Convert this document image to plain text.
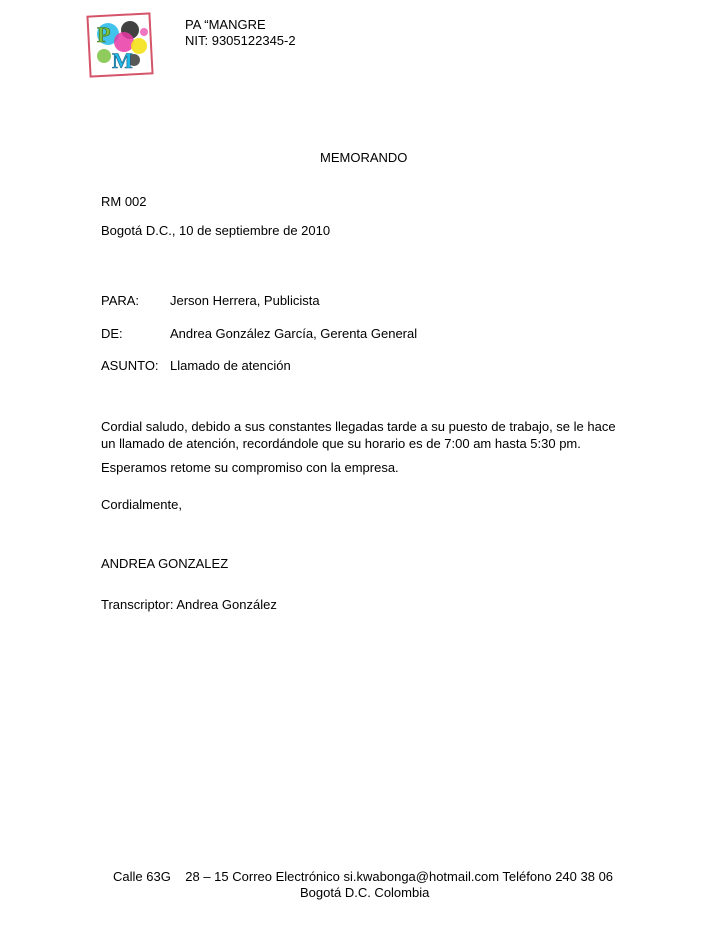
P
M
PA “MANGRE
NIT: 9305122345-2
MEMORANDO
RM 002
Bogotá D.C., 10 de septiembre de 2010
PARA: Jerson Herrera, Publicista
DE:	Andrea González García, Gerenta General
ASUNTO: Llamado de atención
Cordial saludo, debido a sus constantes llegadas tarde a su puesto de trabajo, se le hace
un llamado de atención, recordándole que su horario es de 7:00 am hasta 5:30 pm.
Esperamos retome su compromiso con la empresa.
Cordialmente,
ANDREA GONZALEZ
Transcriptor: Andrea González
Calle 63G    28 – 15 Correo Electrónico si.kwabonga@hotmail.com Teléfono 240 38 06
Bogotá D.C. Colombia
